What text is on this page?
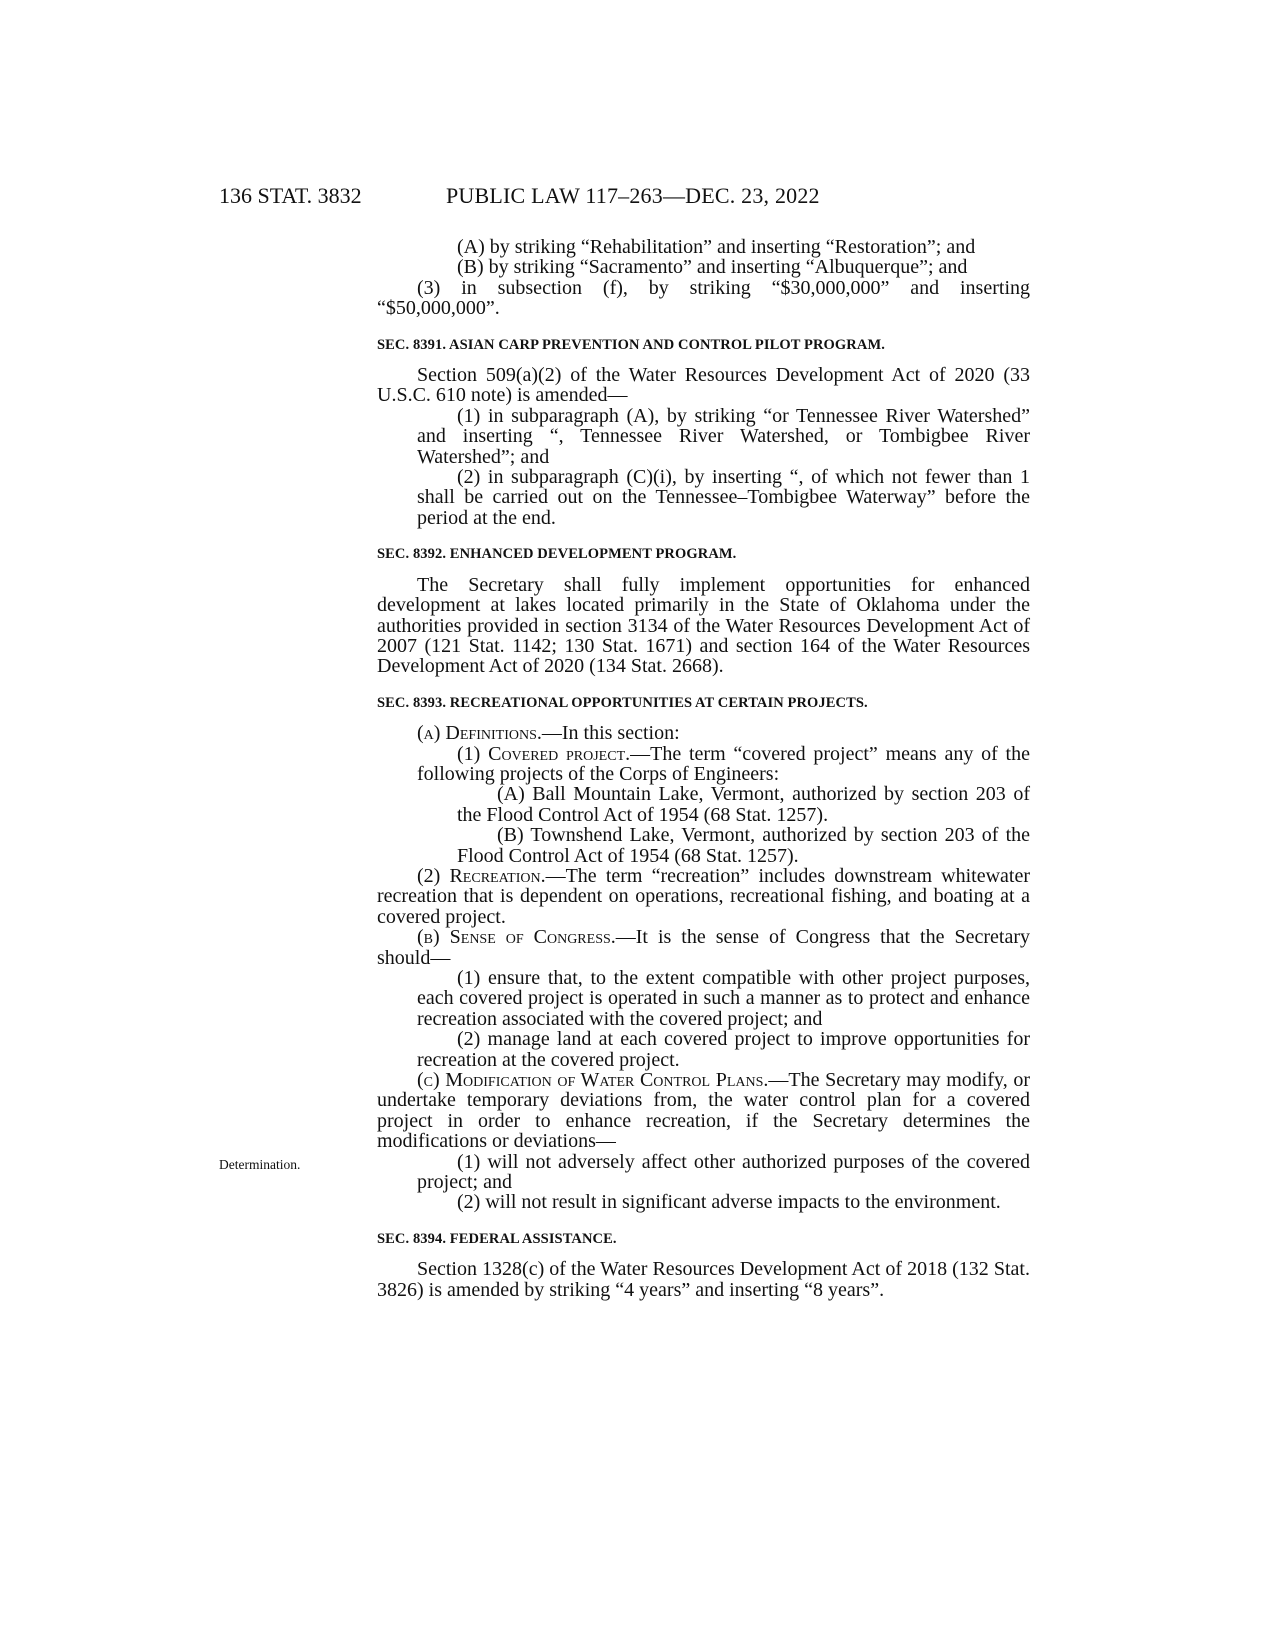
136 STAT. 3832	PUBLIC LAW 117–263—DEC. 23, 2022
Determination.

(A) by striking “Rehabilitation” and inserting “Restoration”; and

(B) by striking “Sacramento” and inserting “Albuquerque”; and

(3) in subsection (f), by striking “$30,000,000” and inserting “$50,000,000”.

SEC. 8391. ASIAN CARP PREVENTION AND CONTROL PILOT PROGRAM.

Section 509(a)(2) of the Water Resources Development Act of 2020 (33 U.S.C. 610 note) is amended—

(1) in subparagraph (A), by striking “or Tennessee River Watershed” and inserting “, Tennessee River Watershed, or Tombigbee River Watershed”; and

(2) in subparagraph (C)(i), by inserting “, of which not fewer than 1 shall be carried out on the Tennessee–Tombigbee Waterway” before the period at the end.

SEC. 8392. ENHANCED DEVELOPMENT PROGRAM.

The Secretary shall fully implement opportunities for enhanced development at lakes located primarily in the State of Oklahoma under the authorities provided in section 3134 of the Water Resources Development Act of 2007 (121 Stat. 1142; 130 Stat. 1671) and section 164 of the Water Resources Development Act of 2020 (134 Stat. 2668).

SEC. 8393. RECREATIONAL OPPORTUNITIES AT CERTAIN PROJECTS.

(a) Definitions.—In this section:

(1) Covered project.—The term “covered project” means any of the following projects of the Corps of Engineers:

(A) Ball Mountain Lake, Vermont, authorized by section 203 of the Flood Control Act of 1954 (68 Stat. 1257).

(B) Townshend Lake, Vermont, authorized by section 203 of the Flood Control Act of 1954 (68 Stat. 1257).

(2) Recreation.—The term “recreation” includes downstream whitewater recreation that is dependent on operations, recreational fishing, and boating at a covered project.

(b) Sense of Congress.—It is the sense of Congress that the Secretary should—

(1) ensure that, to the extent compatible with other project purposes, each covered project is operated in such a manner as to protect and enhance recreation associated with the covered project; and

(2) manage land at each covered project to improve opportunities for recreation at the covered project.

(c) Modification of Water Control Plans.—The Secretary may modify, or undertake temporary deviations from, the water control plan for a covered project in order to enhance recreation, if the Secretary determines the modifications or deviations—

(1) will not adversely affect other authorized purposes of the covered project; and

(2) will not result in significant adverse impacts to the environment.

SEC. 8394. FEDERAL ASSISTANCE.

Section 1328(c) of the Water Resources Development Act of 2018 (132 Stat. 3826) is amended by striking “4 years” and inserting “8 years”.
